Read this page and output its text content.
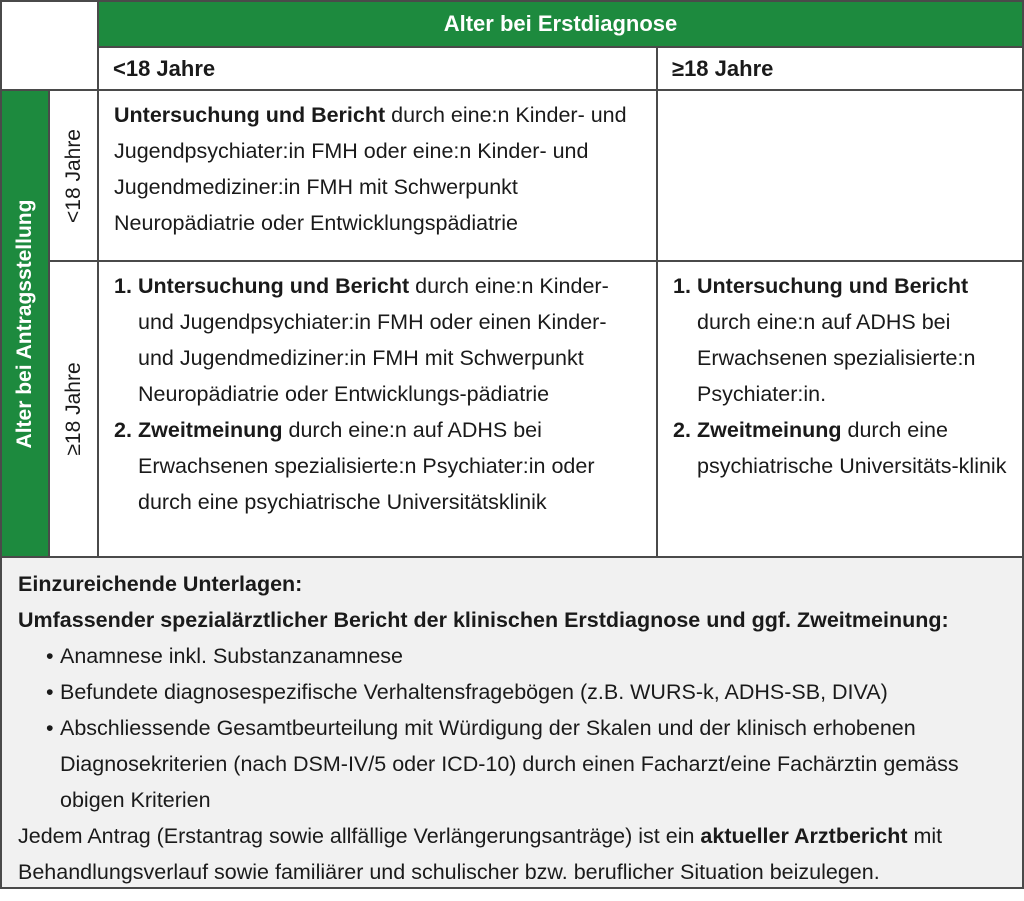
Alter bei Erstdiagnose
<18 Jahre	≥18 Jahre
Alter bei Antragsstellung
<18 Jahre
≥18 Jahre
Untersuchung und Bericht durch eine:n Kinder- und Jugendpsychiater:in FMH oder eine:n Kinder- und Jugendmediziner:in FMH mit Schwerpunkt Neuropädiatrie oder Entwicklungspädiatrie
1. Untersuchung und Bericht durch eine:n Kinder- und Jugendpsychiater:in FMH oder einen Kinder- und Jugendmediziner:in FMH mit Schwerpunkt Neuropädiatrie oder Entwicklungs-pädiatrie
2. Zweitmeinung durch eine:n auf ADHS bei Erwachsenen spezialisierte:n Psychiater:in oder durch eine psychiatrische Universitätsklinik
1. Untersuchung und Bericht durch eine:n auf ADHS bei Erwachsenen spezialisierte:n Psychiater:in.
2. Zweitmeinung durch eine psychiatrische Universitäts-klinik
Einzureichende Unterlagen:
Umfassender spezialärztlicher Bericht der klinischen Erstdiagnose und ggf. Zweitmeinung:
• Anamnese inkl. Substanzanamnese
• Befundete diagnosespezifische Verhaltensfragebögen (z.B. WURS-k, ADHS-SB, DIVA)
• Abschliessende Gesamtbeurteilung mit Würdigung der Skalen und der klinisch erhobenen Diagnosekriterien (nach DSM-IV/5 oder ICD-10) durch einen Facharzt/eine Fachärztin gemäss obigen Kriterien
Jedem Antrag (Erstantrag sowie allfällige Verlängerungsanträge) ist ein aktueller Arztbericht mit Behandlungsverlauf sowie familiärer und schulischer bzw. beruflicher Situation beizulegen.
